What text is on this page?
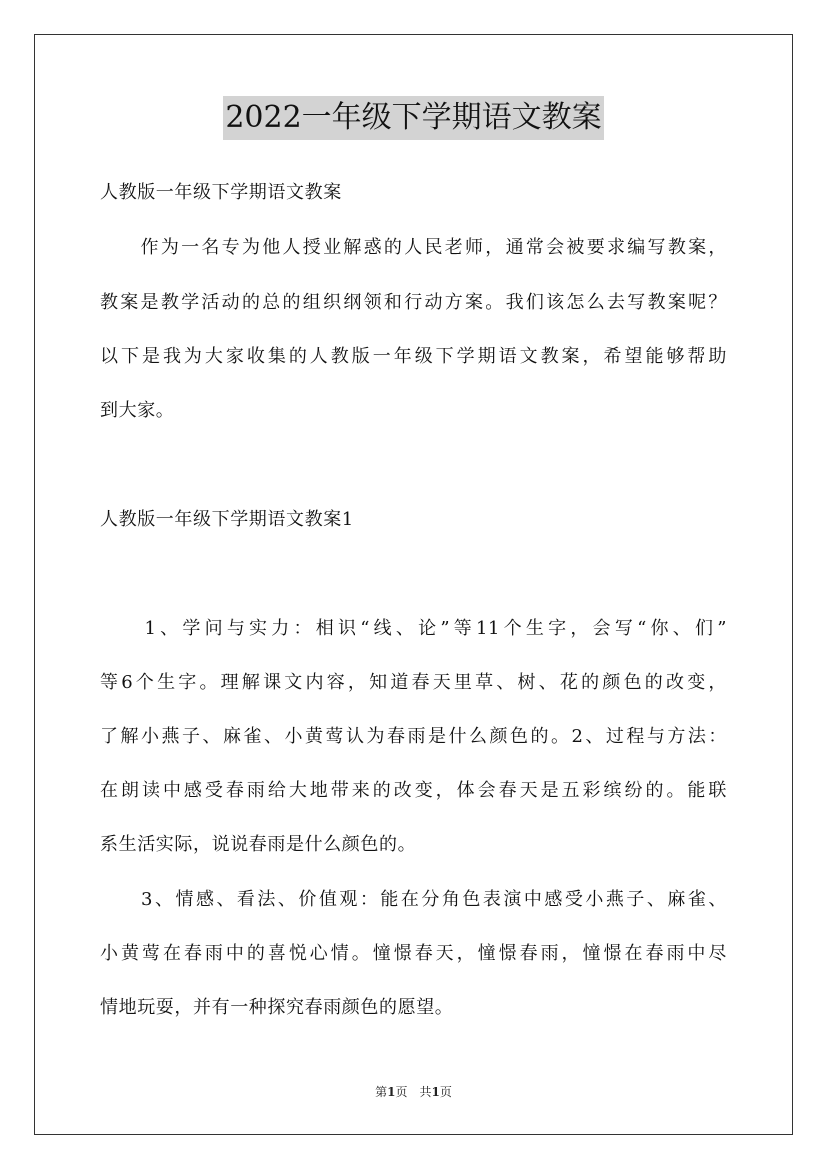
2022一年级下学期语文教案
人教版一年级下学期语文教案
　　作为一名专为他人授业解惑的人民老师，通常会被要求编写教案，
教案是教学活动的总的组织纲领和行动方案。我们该怎么去写教案呢？
以下是我为大家收集的人教版一年级下学期语文教案，希望能够帮助
到大家。
人教版一年级下学期语文教案1
　　1、学问与实力：相识“线、论”等11个生字，会写“你、们”
等6个生字。理解课文内容，知道春天里草、树、花的颜色的改变，
了解小燕子、麻雀、小黄莺认为春雨是什么颜色的。2、过程与方法：
在朗读中感受春雨给大地带来的改变，体会春天是五彩缤纷的。能联
系生活实际，说说春雨是什么颜色的。
　　3、情感、看法、价值观：能在分角色表演中感受小燕子、麻雀、
小黄莺在春雨中的喜悦心情。憧憬春天，憧憬春雨，憧憬在春雨中尽
情地玩耍，并有一种探究春雨颜色的愿望。
第1页　共1页
